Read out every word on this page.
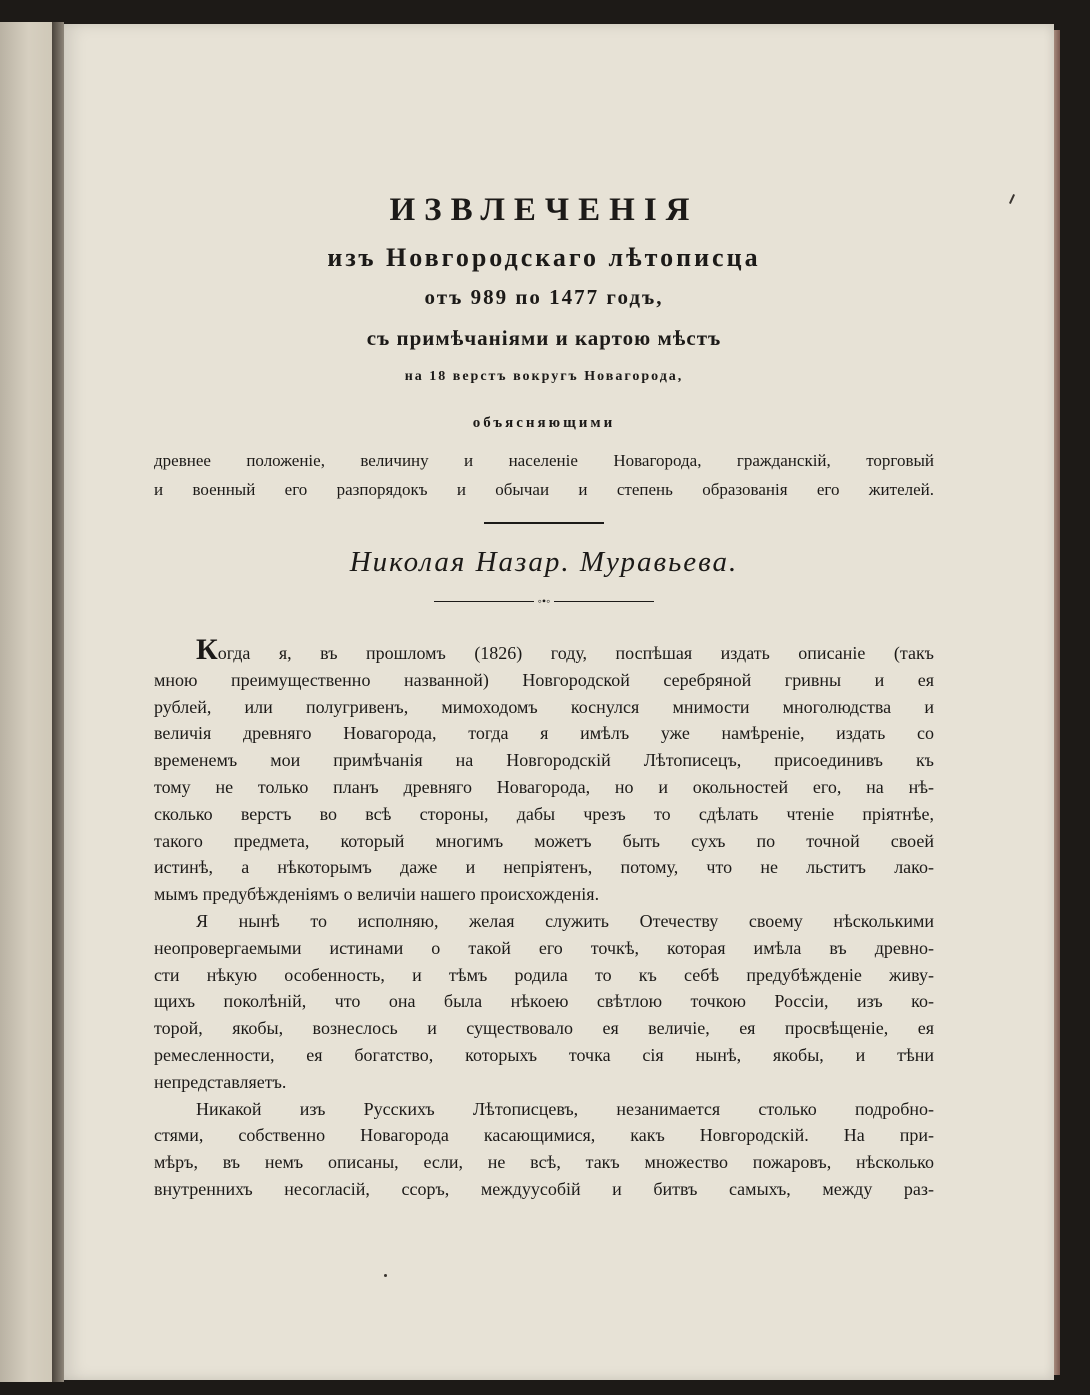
ИЗВЛЕЧЕНІЯ
изъ Новгородскаго лѣтописца
отъ 989 по 1477 годъ,
съ примѣчаніями и картою мѣстъ
на 18 верстъ вокругъ Новагорода,
объясняющими
древнее положеніе, величину и населеніе Новагорода, гражданскій, торговый
и военный его разпорядокъ и обычаи и степень образованія его жителей.
Николая Назар. Муравьева.
◦•◦
Когда я, въ прошломъ (1826) году, поспѣшая издать описаніе (такъ
мною преимущественно названной) Новгородской серебряной гривны и ея
рублей, или полугривенъ, мимоходомъ коснулся мнимости многолюдства и
величія древняго Новагорода, тогда я имѣлъ уже намѣреніе, издать со
временемъ мои примѣчанія на Новгородскій Лѣтописецъ, присоединивъ къ
тому не только планъ древняго Новагорода, но и окольностей его, на нѣ-
сколько верстъ во всѣ стороны, дабы чрезъ то сдѣлать чтеніе пріятнѣе,
такого предмета, который многимъ можетъ быть сухъ по точной своей
истинѣ, а нѣкоторымъ даже и непріятенъ, потому, что не льститъ лако-
мымъ предубѣжденіямъ о величіи нашего происхожденія.
Я нынѣ то исполняю, желая служить Отечеству своему нѣсколькими
неопровергаемыми истинами о такой его точкѣ, которая имѣла въ древно-
сти нѣкую особенность, и тѣмъ родила то къ себѣ предубѣжденіе живу-
щихъ поколѣній, что она была нѣкоею свѣтлою точкою Россіи, изъ ко-
торой, якобы, вознеслось и существовало ея величіе, ея просвѣщеніе, ея
ремесленности, ея богатство, которыхъ точка сія нынѣ, якобы, и тѣни
непредставляетъ.
Никакой изъ Русскихъ Лѣтописцевъ, незанимается столько подробно-
стями, собственно Новагорода касающимися, какъ Новгородскій. На при-
мѣръ, въ немъ описаны, если, не всѣ, такъ множество пожаровъ, нѣсколько
внутреннихъ несогласій, ссоръ, междуусобій и битвъ самыхъ, между раз-
